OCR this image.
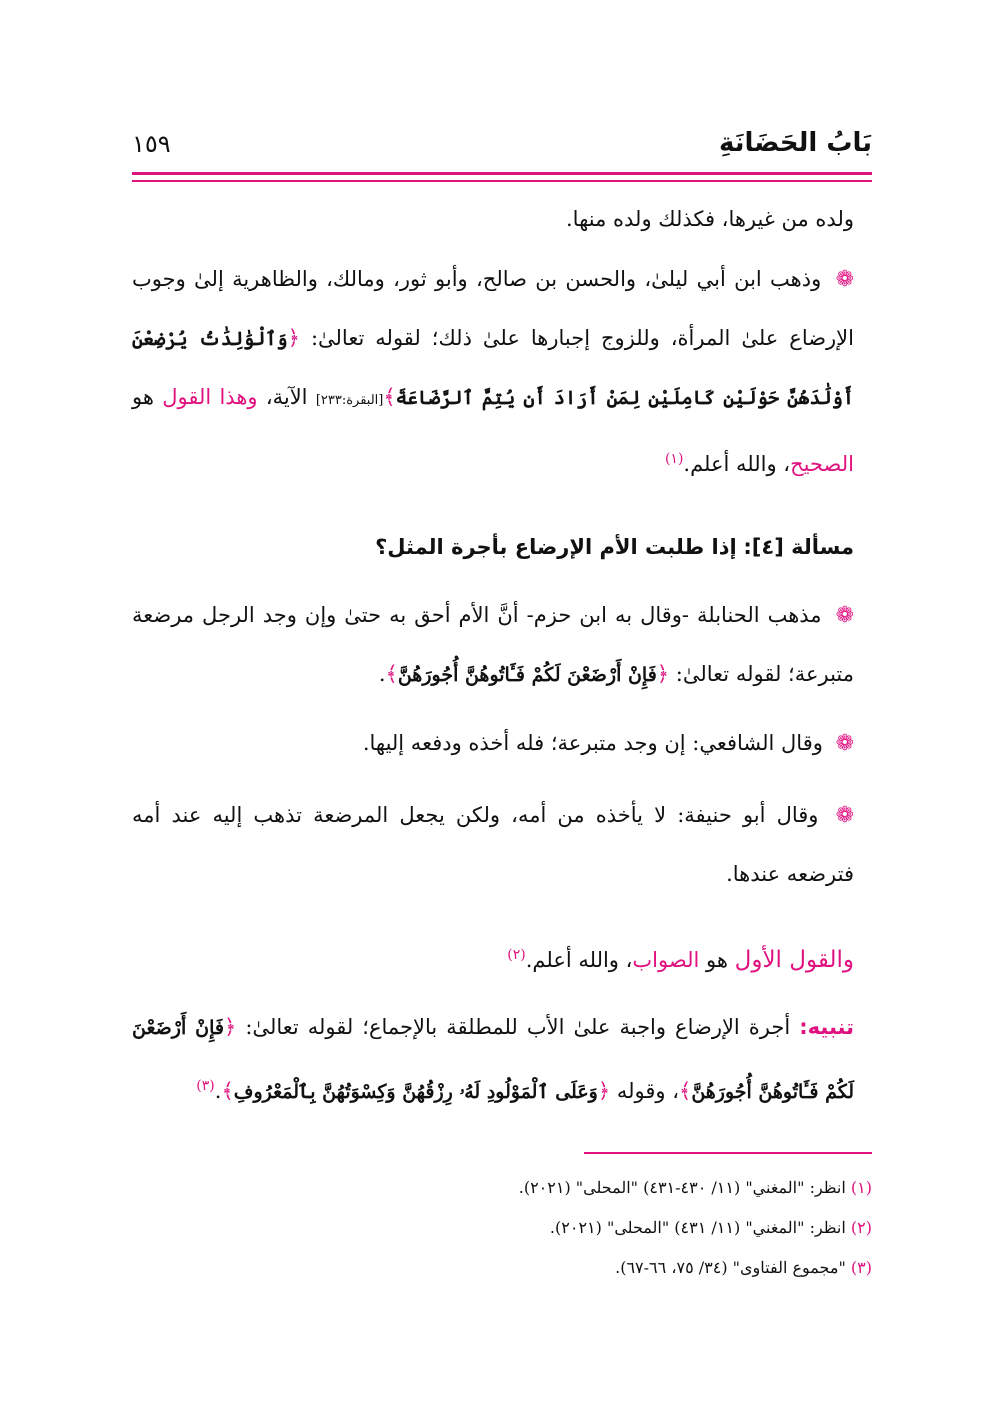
بَابُ الحَضَانَةِ
١٥٩
ولده من غيرها، فكذلك ولده منها.
❁ وذهب ابن أبي ليلىٰ، والحسن بن صالح، وأبو ثور، ومالك، والظاهرية إلىٰ وجوب الإرضاع علىٰ المرأة، وللزوج إجبارها علىٰ ذلك؛ لقوله تعالىٰ: ﴿وَٱلْوَٰلِدَٰتُ يُرْضِعْنَ أَوْلَٰدَهُنَّ حَوْلَيْنِ كَامِلَيْنِ لِمَنْ أَرَادَ أَن يُتِمَّ ٱلرَّضَاعَةَ﴾[البقرة:٢٣٣] الآية، وهذا القول هو الصحيح، والله أعلم.$^{(١)}$
مسألة [٤]: إذا طلبت الأم الإرضاع بأجرة المثل؟
❁ مذهب الحنابلة -وقال به ابن حزم- أنَّ الأم أحق به حتىٰ وإن وجد الرجل مرضعة متبرعة؛ لقوله تعالىٰ: ﴿فَإِنْ أَرْضَعْنَ لَكُمْ فَـَٔاتُوهُنَّ أُجُورَهُنَّ﴾.
❁ وقال الشافعي: إن وجد متبرعة؛ فله أخذه ودفعه إليها.
❁ وقال أبو حنيفة: لا يأخذه من أمه، ولكن يجعل المرضعة تذهب إليه عند أمه فترضعه عندها.
والقول الأول هو الصواب، والله أعلم.$^{(٢)}$
تنبيه: أجرة الإرضاع واجبة علىٰ الأب للمطلقة بالإجماع؛ لقوله تعالىٰ: ﴿فَإِنْ أَرْضَعْنَ لَكُمْ فَـَٔاتُوهُنَّ أُجُورَهُنَّ﴾، وقوله ﴿وَعَلَى ٱلْمَوْلُودِ لَهُۥ رِزْقُهُنَّ وَكِسْوَتُهُنَّ بِٱلْمَعْرُوفِ﴾.$^{(٣)}$
(١) انظر: "المغني" (١١/ ٤٣٠-٤٣١) "المحلى" (٢٠٢١).
(٢) انظر: "المغني" (١١/ ٤٣١) "المحلى" (٢٠٢١).
(٣) "مجموع الفتاوى" (٣٤/ ٧٥، ٦٦-٦٧).
